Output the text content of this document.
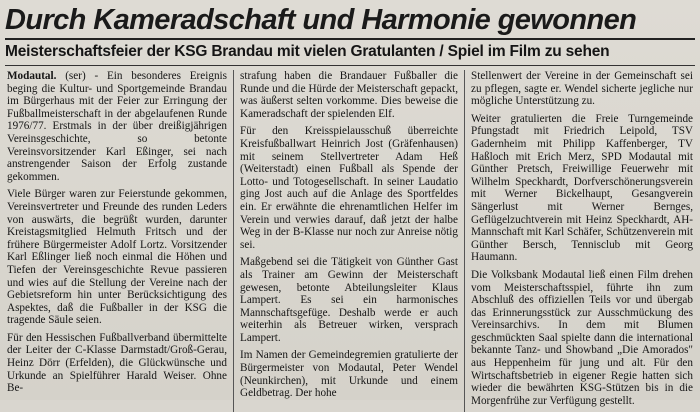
Durch Kameradschaft und Harmonie gewonnen
Meisterschaftsfeier der KSG Brandau mit vielen Gratulanten / Spiel im Film zu sehen

Modautal. (ser) - Ein besonderes Ereignis beging die Kultur- und Sportgemeinde Brandau im Bürgerhaus mit der Feier zur Erringung der Fußballmeisterschaft in der abgelaufenen Runde 1976/77. Erstmals in der über dreißigjährigen Vereinsgeschichte, so betonte Vereinsvorsitzender Karl Eßinger, sei nach anstrengender Saison der Erfolg zustande gekommen.

Viele Bürger waren zur Feierstunde gekommen, Vereinsvertreter und Freunde des runden Leders von auswärts, die begrüßt wurden, darunter Kreistagsmitglied Helmuth Fritsch und der frühere Bürgermeister Adolf Lortz. Vorsitzender Karl Eßlinger ließ noch einmal die Höhen und Tiefen der Vereinsgeschichte Revue passieren und wies auf die Stellung der Vereine nach der Gebietsreform hin unter Berücksichtigung des Aspektes, daß die Fußballer in der KSG die tragende Säule seien.

Für den Hessischen Fußballverband übermittelte der Leiter der C-Klasse Darmstadt/Groß-Gerau, Heinz Dörr (Erfelden), die Glückwünsche und Urkunde an Spielführer Harald Weiser. Ohne Be-

strafung haben die Brandauer Fußballer die Runde und die Hürde der Meisterschaft gepackt, was äußerst selten vorkomme. Dies beweise die Kameradschaft der spielenden Elf.

Für den Kreisspielausschuß überreichte Kreisfußballwart Heinrich Jost (Gräfenhausen) mit seinem Stellvertreter Adam Heß (Weiterstadt) einen Fußball als Spende der Lotto- und Totogesellschaft. In seiner Laudatio ging Jost auch auf die Anlage des Sportfeldes ein. Er erwähnte die ehrenamtlichen Helfer im Verein und verwies darauf, daß jetzt der halbe Weg in der B-Klasse nur noch zur Anreise nötig sei.

Maßgebend sei die Tätigkeit von Günther Gast als Trainer am Gewinn der Meisterschaft gewesen, betonte Abteilungsleiter Klaus Lampert. Es sei ein harmonisches Mannschaftsgefüge. Deshalb werde er auch weiterhin als Betreuer wirken, versprach Lampert.

Im Namen der Gemeindegremien gratulierte der Bürgermeister von Modautal, Peter Wendel (Neunkirchen), mit Urkunde und einem Geldbetrag. Der hohe

Stellenwert der Vereine in der Gemeinschaft sei zu pflegen, sagte er. Wendel sicherte jegliche nur mögliche Unterstützung zu.

Weiter gratulierten die Freie Turngemeinde Pfungstadt mit Friedrich Leipold, TSV Gadernheim mit Philipp Kaffenberger, TV Haßloch mit Erich Merz, SPD Modautal mit Günther Pretsch, Freiwillige Feuerwehr mit Wilhelm Speckhardt, Dorfverschönerungsverein mit Werner Bickelhaupt, Gesangverein Sängerlust mit Werner Bernges, Geflügelzuchtverein mit Heinz Speckhardt, AH-Mannschaft mit Karl Schäfer, Schützenverein mit Günther Bersch, Tennisclub mit Georg Haumann.

Die Volksbank Modautal ließ einen Film drehen vom Meisterschaftsspiel, führte ihn zum Abschluß des offiziellen Teils vor und übergab das Erinnerungsstück zur Ausschmückung des Vereinsarchivs. In dem mit Blumen geschmückten Saal spielte dann die international bekannte Tanz- und Showband „Die Amorados" aus Heppenheim für jung und alt. Für den Wirtschaftsbetrieb in eigener Regie hatten sich wieder die bewährten KSG-Stützen bis in die Morgenfrühe zur Verfügung gestellt.
